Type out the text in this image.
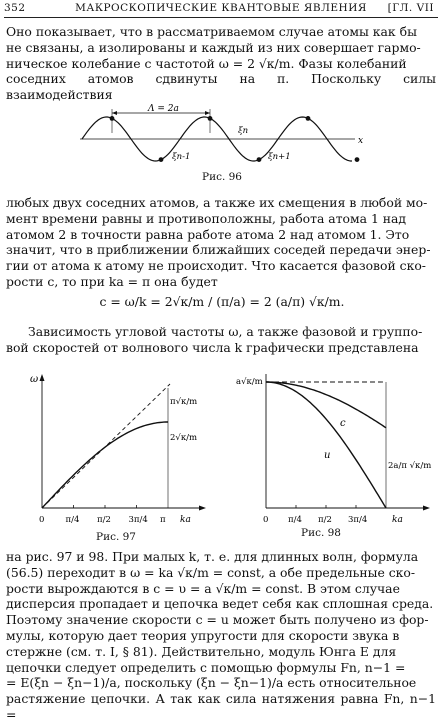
352	МАКРОСКОПИЧЕСКИЕ КВАНТОВЫЕ ЯВЛЕНИЯ	[ГЛ. VII

Оно показывает, что в рассматриваемом случае атомы как бы

не связаны, а изолированы и каждый из них совершает гармо-

ническое колебание с частотой ω = 2 √κ/m. Фазы колебаний

соседних атомов сдвинуты на π. Поскольку силы взаимодействия

Λ = 2a
x
ξn
ξn-1	ξn+1
Рис. 96

любых двух соседних атомов, а также их смещения в любой мо-

мент времени равны и противоположны, работа атома 1 над

атомом 2 в точности равна работе атома 2 над атомом 1. Это

значит, что в приближении ближайших соседей передачи энер-

гии от атома к атому не происходит. Что касается фазовой ско-

рости c, то при ka = π она будет

c = ω/k = 2√κ/m / (π/a) = 2 (a/π) √κ/m.

Зависимость угловой частоты ω, а также фазовой и группо-

вой скоростей от волнового числа k графически представлена

ω
π√κ/m
2√κ/m
0 π/4 π/2 3π/4 π ka
Рис. 97
a√κ/m
c
u
2a/π √κ/m
0 π/4 π/2 3π/4	ka
Рис. 98

на рис. 97 и 98. При малых k, т. е. для длинных волн, формула

(56.5) переходит в ω = ka √κ/m = const, а обе предельные ско-

рости вырождаются в c = υ = a √κ/m = const. В этом случае

дисперсия пропадает и цепочка ведет себя как сплошная среда.

Поэтому значение скорости c = u может быть получено из фор-

мулы, которую дает теория упругости для скорости звука в

стержне (см. т. I, § 81). Действительно, модуль Юнга E для

цепочки следует определить с помощью формулы Fn, n−1 =

= E(ξn − ξn−1)/a, поскольку (ξn − ξn−1)/a есть относительное

растяжение цепочки. А так как сила натяжения равна Fn, n−1 =
